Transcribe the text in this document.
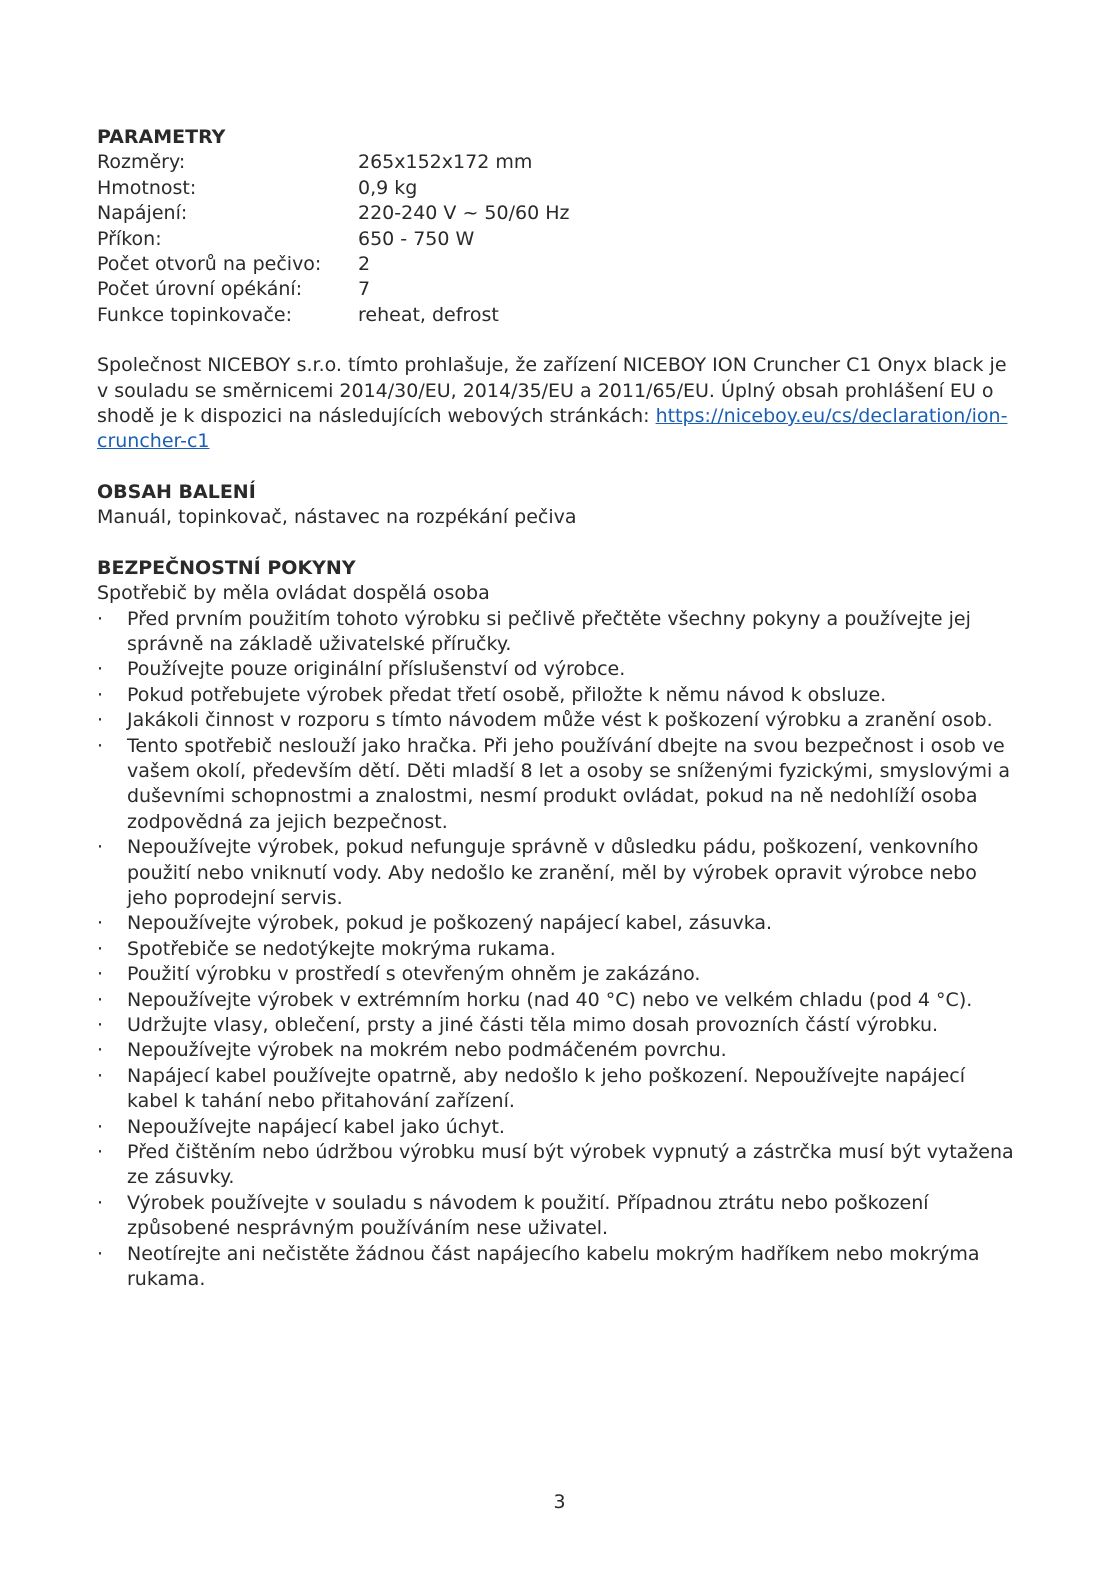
PARAMETRY
Rozměry:	265x152x172 mm
Hmotnost:	0,9 kg
Napájení:	220-240 V ~ 50/60 Hz
Příkon:	650 - 750 W
Počet otvorů na pečivo:	2
Počet úrovní opékání:	7
Funkce topinkovače:	reheat, defrost
Společnost NICEBOY s.r.o. tímto prohlašuje, že zařízení NICEBOY ION Cruncher C1 Onyx black je v souladu se směrnicemi 2014/30/EU, 2014/35/EU a 2011/65/EU. Úplný obsah prohlášení EU o shodě je k dispozici na následujících webových stránkách: https://niceboy.eu/cs/declaration/ion-cruncher-c1
OBSAH BALENÍ
Manuál, topinkovač, nástavec na rozpékání pečiva
BEZPEČNOSTNÍ POKYNY
Spotřebič by měla ovládat dospělá osoba
·	Před prvním použitím tohoto výrobku si pečlivě přečtěte všechny pokyny a používejte jej správně na základě uživatelské příručky.
·	Používejte pouze originální příslušenství od výrobce.
·	Pokud potřebujete výrobek předat třetí osobě, přiložte k němu návod k obsluze.
·	Jakákoli činnost v rozporu s tímto návodem může vést k poškození výrobku a zranění osob.
·	Tento spotřebič neslouží jako hračka. Při jeho používání dbejte na svou bezpečnost i osob ve vašem okolí, především dětí. Děti mladší 8 let a osoby se sníženými fyzickými, smyslovými a duševními schopnostmi a znalostmi, nesmí produkt ovládat, pokud na ně nedohlíží osoba zodpovědná za jejich bezpečnost.
·	Nepoužívejte výrobek, pokud nefunguje správně v důsledku pádu, poškození, venkovního použití nebo vniknutí vody. Aby nedošlo ke zranění, měl by výrobek opravit výrobce nebo jeho poprodejní servis.
·	Nepoužívejte výrobek, pokud je poškozený napájecí kabel, zásuvka.
·	Spotřebiče se nedotýkejte mokrýma rukama.
·	Použití výrobku v prostředí s otevřeným ohněm je zakázáno.
·	Nepoužívejte výrobek v extrémním horku (nad 40 °C) nebo ve velkém chladu (pod 4 °C).
·	Udržujte vlasy, oblečení, prsty a jiné části těla mimo dosah provozních částí výrobku.
·	Nepoužívejte výrobek na mokrém nebo podmáčeném povrchu.
·	Napájecí kabel používejte opatrně, aby nedošlo k jeho poškození. Nepoužívejte napájecí kabel k tahání nebo přitahování zařízení.
·	Nepoužívejte napájecí kabel jako úchyt.
·	Před čištěním nebo údržbou výrobku musí být výrobek vypnutý a zástrčka musí být vytažena ze zásuvky.
·	Výrobek používejte v souladu s návodem k použití. Případnou ztrátu nebo poškození způsobené nesprávným používáním nese uživatel.
·	Neotírejte ani nečistěte žádnou část napájecího kabelu mokrým hadříkem nebo mokrýma rukama.
3
